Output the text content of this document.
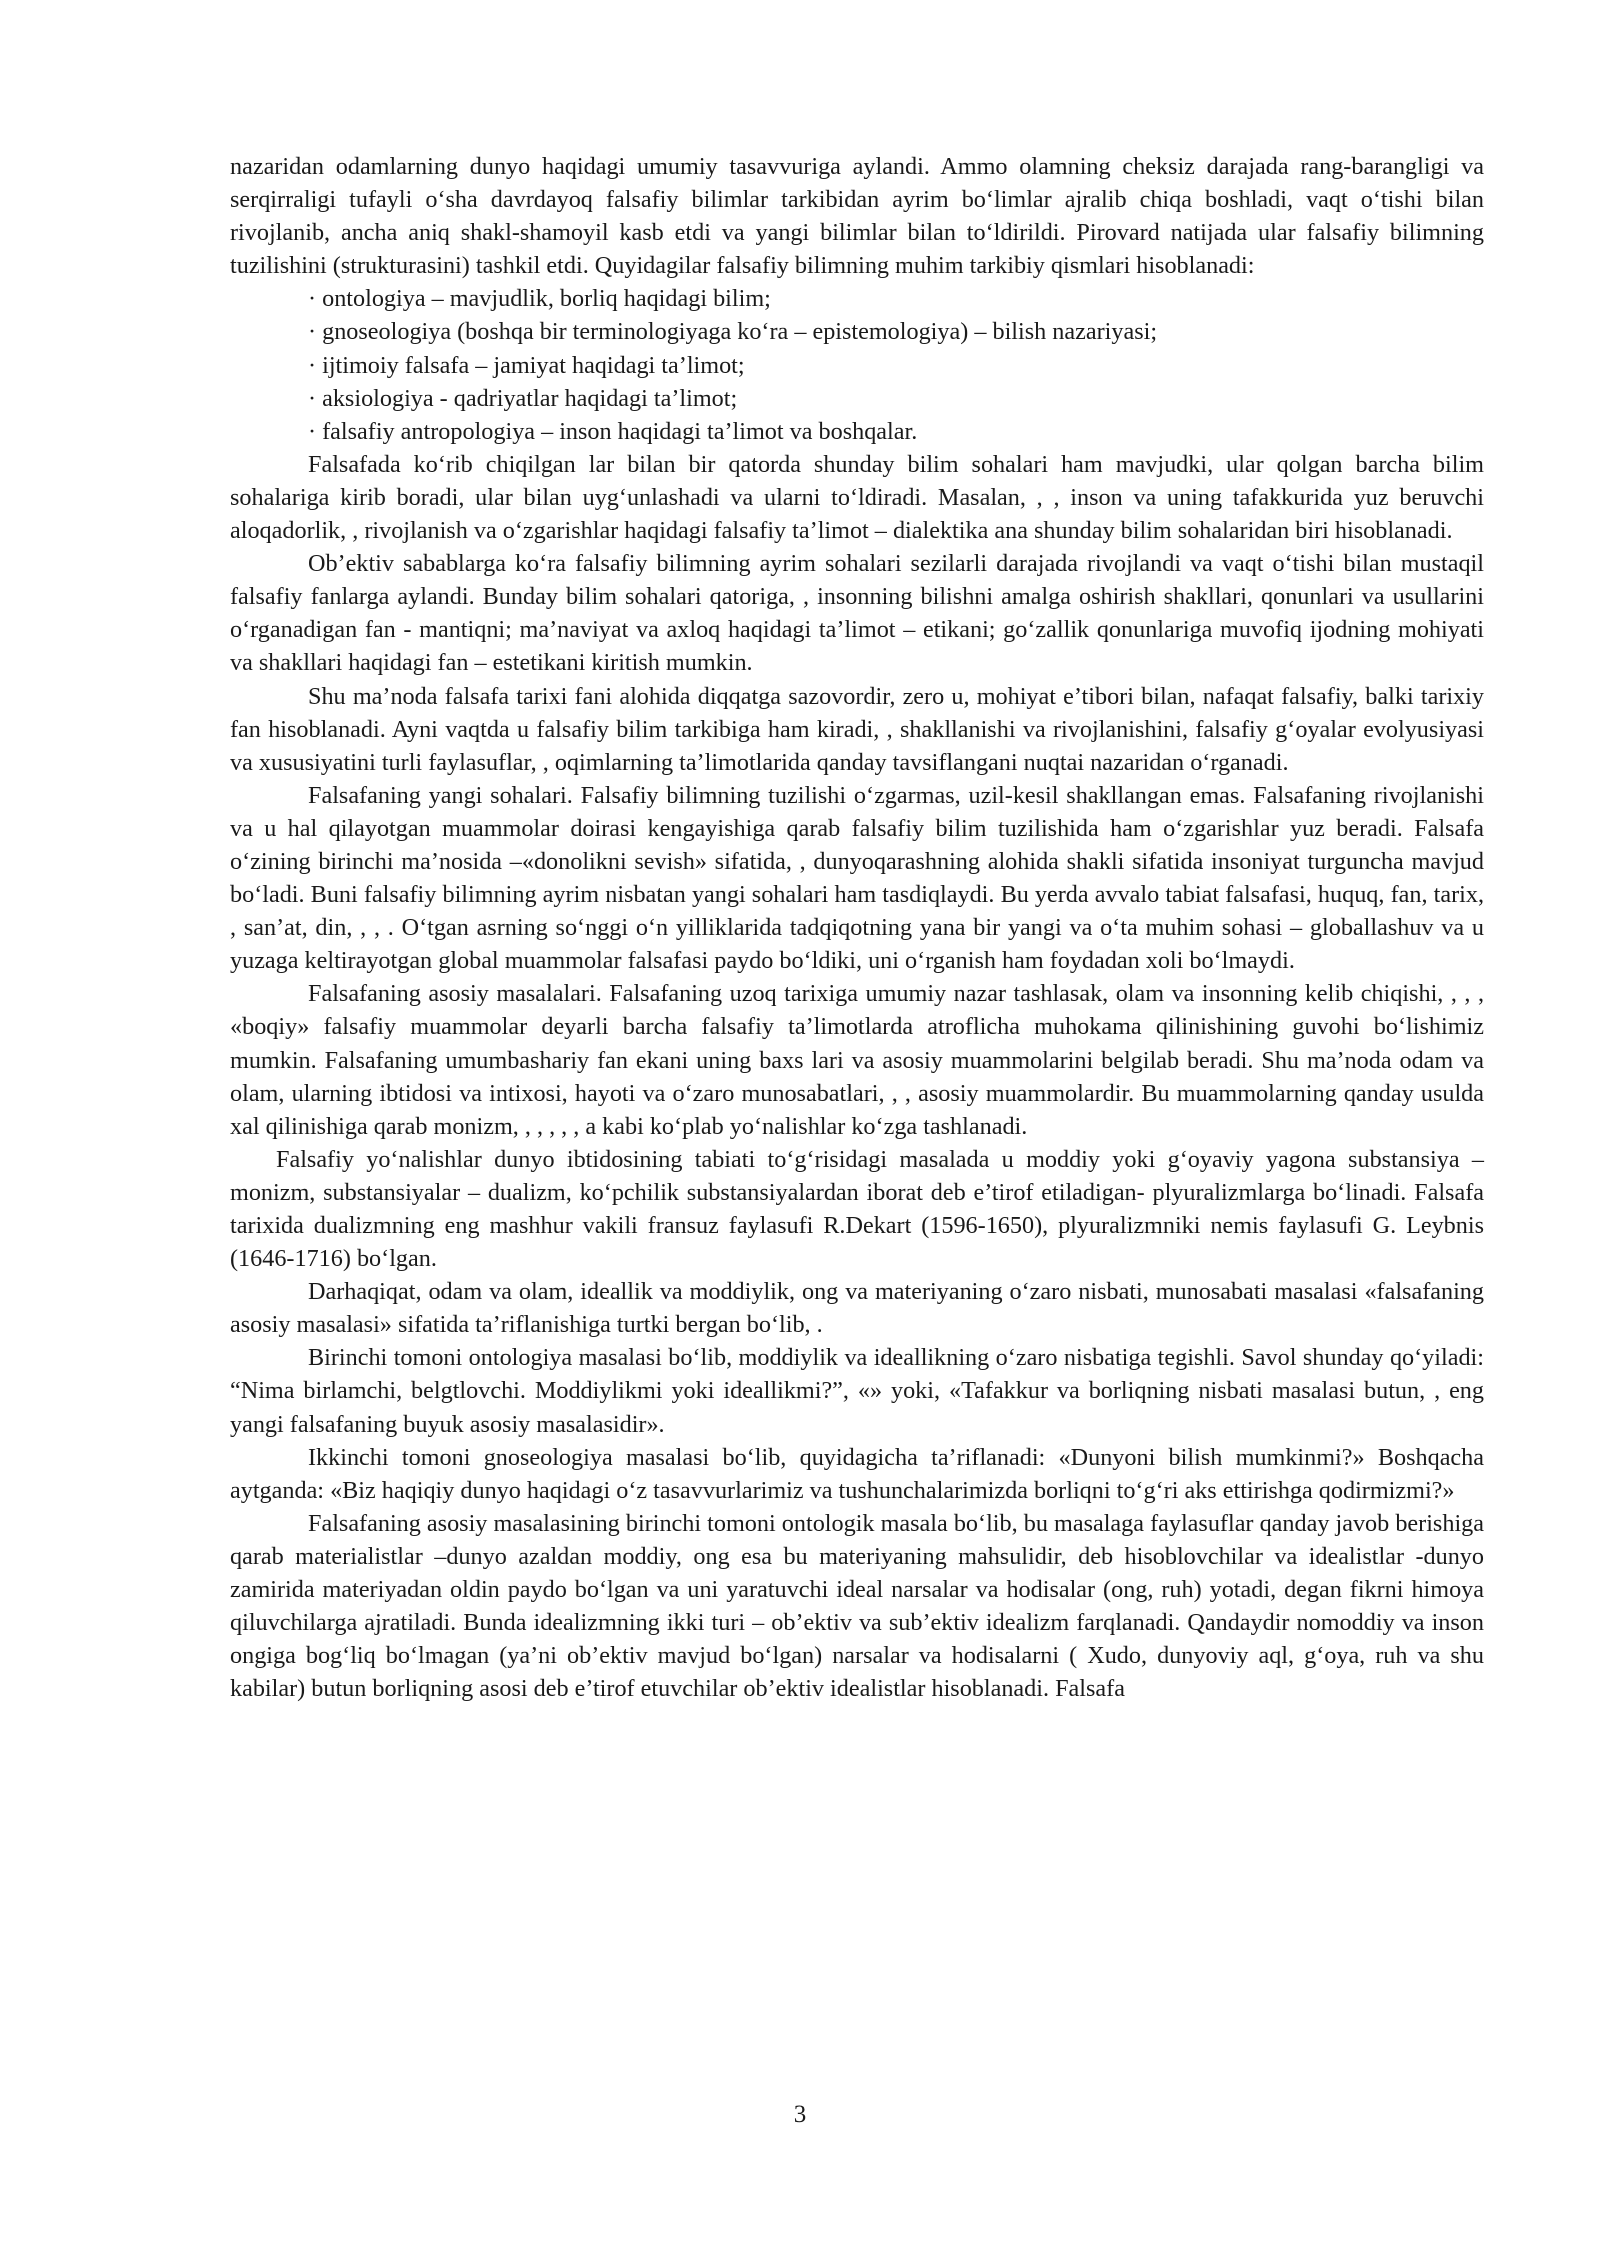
nazaridan odamlarning dunyo haqidagi umumiy tasavvuriga aylandi. Ammo olamning cheksiz darajada rang-barangligi va serqirraligi tufayli o‘sha davrdayoq falsafiy bilimlar tarkibidan ayrim bo‘limlar ajralib chiqa boshladi, vaqt o‘tishi bilan rivojlanib, ancha aniq shakl-shamoyil kasb etdi va yangi bilimlar bilan to‘ldirildi. Pirovard natijada ular falsafiy bilimning tuzilishini (strukturasini) tashkil etdi. Quyidagilar falsafiy bilimning muhim tarkibiy qismlari hisoblanadi:

· ontologiya – mavjudlik, borliq haqidagi bilim;
· gnoseologiya (boshqa bir terminologiyaga ko‘ra – epistemologiya) – bilish nazariyasi;
· ijtimoiy falsafa – jamiyat haqidagi ta’limot;
· aksiologiya - qadriyatlar haqidagi ta’limot;
· falsafiy antropologiya – inson haqidagi ta’limot va boshqalar.

Falsafada ko‘rib chiqilgan lar bilan bir qatorda shunday bilim sohalari ham mavjudki, ular qolgan barcha bilim sohalariga kirib boradi, ular bilan uyg‘unlashadi va ularni to‘ldiradi. Masalan, , , inson va uning tafakkurida yuz beruvchi aloqadorlik, , rivojlanish va o‘zgarishlar haqidagi falsafiy ta’limot – dialektika ana shunday bilim sohalaridan biri hisoblanadi.

Ob’ektiv sabablarga ko‘ra falsafiy bilimning ayrim sohalari sezilarli darajada rivojlandi va vaqt o‘tishi bilan mustaqil falsafiy fanlarga aylandi. Bunday bilim sohalari qatoriga, , insonning bilishni amalga oshirish shakllari, qonunlari va usullarini o‘rganadigan fan - mantiqni; ma’naviyat va axloq haqidagi ta’limot – etikani; go‘zallik qonunlariga muvofiq ijodning mohiyati va shakllari haqidagi fan – estetikani kiritish mumkin.

Shu ma’noda falsafa tarixi fani alohida diqqatga sazovordir, zero u, mohiyat e’tibori bilan, nafaqat falsafiy, balki tarixiy fan hisoblanadi. Ayni vaqtda u falsafiy bilim tarkibiga ham kiradi, , shakllanishi va rivojlanishini, falsafiy g‘oyalar evolyusiyasi va xususiyatini turli faylasuflar, , oqimlarning ta’limotlarida qanday tavsiflangani nuqtai nazaridan o‘rganadi.

Falsafaning yangi sohalari. Falsafiy bilimning tuzilishi o‘zgarmas, uzil-kesil shakllangan emas. Falsafaning rivojlanishi va u hal qilayotgan muammolar doirasi kengayishiga qarab falsafiy bilim tuzilishida ham o‘zgarishlar yuz beradi. Falsafa o‘zining birinchi ma’nosida –«donolikni sevish» sifatida, , dunyoqarashning alohida shakli sifatida insoniyat turguncha mavjud bo‘ladi. Buni falsafiy bilimning ayrim nisbatan yangi sohalari ham tasdiqlaydi. Bu yerda avvalo tabiat falsafasi, huquq, fan, tarix, , san’at, din, , , . O‘tgan asrning so‘nggi o‘n yilliklarida tadqiqotning yana bir yangi va o‘ta muhim sohasi – globallashuv va u yuzaga keltirayotgan global muammolar falsafasi paydo bo‘ldiki, uni o‘rganish ham foydadan xoli bo‘lmaydi.

Falsafaning asosiy masalalari. Falsafaning uzoq tarixiga umumiy nazar tashlasak, olam va insonning kelib chiqishi, , , , «boqiy» falsafiy muammolar deyarli barcha falsafiy ta’limotlarda atroflicha muhokama qilinishining guvohi bo‘lishimiz mumkin. Falsafaning umumbashariy fan ekani uning baxs lari va asosiy muammolarini belgilab beradi. Shu ma’noda odam va olam, ularning ibtidosi va intixosi, hayoti va o‘zaro munosabatlari, , , asosiy muammolardir. Bu muammolarning qanday usulda xal qilinishiga qarab monizm, , , , , , a kabi ko‘plab yo‘nalishlar ko‘zga tashlanadi.

Falsafiy yo‘nalishlar dunyo ibtidosining tabiati to‘g‘risidagi masalada u moddiy yoki g‘oyaviy yagona substansiya – monizm, substansiyalar – dualizm, ko‘pchilik substansiyalardan iborat deb e’tirof etiladigan- plyuralizmlarga bo‘linadi. Falsafa tarixida dualizmning eng mashhur vakili fransuz faylasufi R.Dekart (1596-1650), plyuralizmniki nemis faylasufi G. Leybnis (1646-1716) bo‘lgan.

Darhaqiqat, odam va olam, ideallik va moddiylik, ong va materiyaning o‘zaro nisbati, munosabati masalasi «falsafaning asosiy masalasi» sifatida ta’riflanishiga turtki bergan bo‘lib, .

Birinchi tomoni ontologiya masalasi bo‘lib, moddiylik va ideallikning o‘zaro nisbatiga tegishli. Savol shunday qo‘yiladi: “Nima birlamchi, belgtlovchi. Moddiylikmi yoki ideallikmi?”, «» yoki, «Tafakkur va borliqning nisbati masalasi butun, , eng yangi falsafaning buyuk asosiy masalasidir».

Ikkinchi tomoni gnoseologiya masalasi bo‘lib, quyidagicha ta’riflanadi: «Dunyoni bilish mumkinmi?» Boshqacha aytganda: «Biz haqiqiy dunyo haqidagi o‘z tasavvurlarimiz va tushunchalarimizda borliqni to‘g‘ri aks ettirishga qodirmizmi?»

Falsafaning asosiy masalasining birinchi tomoni ontologik masala bo‘lib, bu masalaga faylasuflar qanday javob berishiga qarab materialistlar –dunyo azaldan moddiy, ong esa bu materiyaning mahsulidir, deb hisoblovchilar va idealistlar -dunyo zamirida materiyadan oldin paydo bo‘lgan va uni yaratuvchi ideal narsalar va hodisalar (ong, ruh) yotadi, degan fikrni himoya qiluvchilarga ajratiladi. Bunda idealizmning ikki turi – ob’ektiv va sub’ektiv idealizm farqlanadi. Qandaydir nomoddiy va inson ongiga bog‘liq bo‘lmagan (ya’ni ob’ektiv mavjud bo‘lgan) narsalar va hodisalarni ( Xudo, dunyoviy aql, g‘oya, ruh va shu kabilar) butun borliqning asosi deb e’tirof etuvchilar ob’ektiv idealistlar hisoblanadi. Falsafa

3
